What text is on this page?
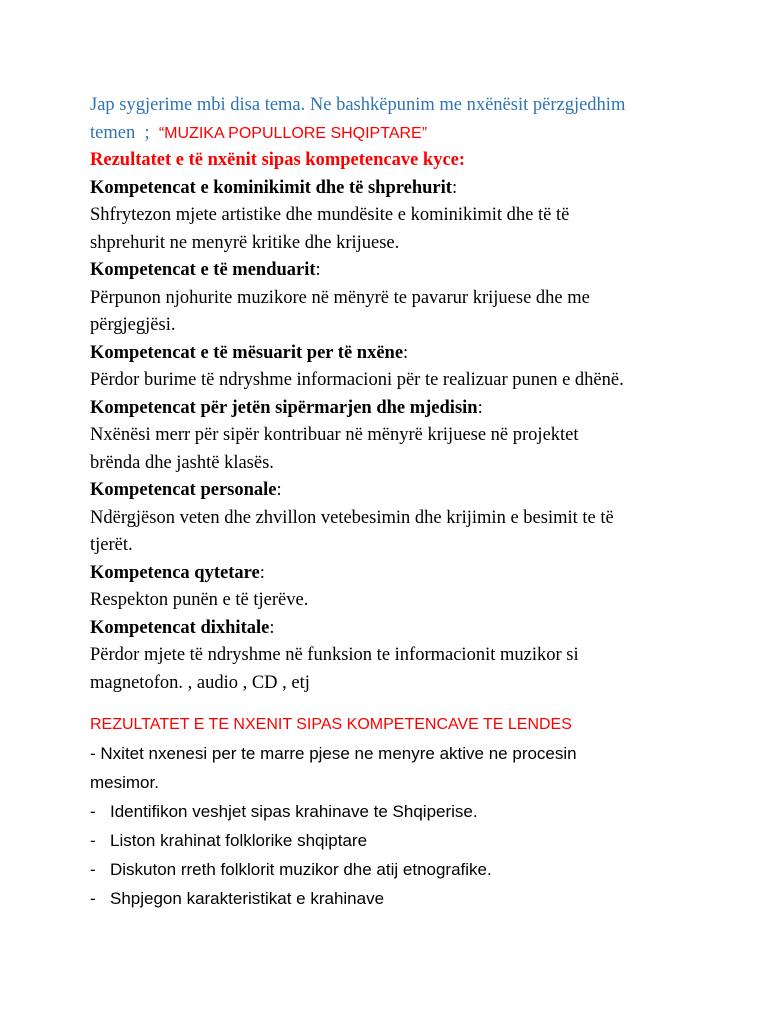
Jap sygjerime mbi disa tema. Ne bashkëpunim me nxënësit përzgjedhim
temen  ;  “MUZIKA POPULLORE SHQIPTARE”
Rezultatet e të nxënit sipas kompetencave kyce:
Kompetencat e kominikimit dhe të shprehurit:
Shfrytezon mjete artistike dhe mundësite e kominikimit dhe të të
shprehurit ne menyrë kritike dhe krijuese.
Kompetencat e të menduarit:
Përpunon njohurite muzikore në mënyrë te pavarur krijuese dhe me
përgjegjësi.
Kompetencat e të mësuarit per të nxëne:
Përdor burime të ndryshme informacioni për te realizuar punen e dhënë.
Kompetencat për jetën sipërmarjen dhe mjedisin:
Nxënësi merr për sipër kontribuar në mënyrë krijuese në projektet
brënda dhe jashtë klasës.
Kompetencat personale:
Ndërgjëson veten dhe zhvillon vetebesimin dhe krijimin e besimit te të
tjerët.
Kompetenca qytetare:
Respekton punën e të tjerëve.
Kompetencat dixhitale:
Përdor mjete të ndryshme në funksion te informacionit muzikor si
magnetofon. , audio , CD , etj
REZULTATET E TE NXENIT SIPAS KOMPETENCAVE TE LENDES
- Nxitet nxenesi per te marre pjese ne menyre aktive ne procesin
mesimor.
- Identifikon veshjet sipas krahinave te Shqiperise.
- Liston krahinat folklorike shqiptare
- Diskuton rreth folklorit muzikor dhe atij etnografike.
- Shpjegon karakteristikat e krahinave
